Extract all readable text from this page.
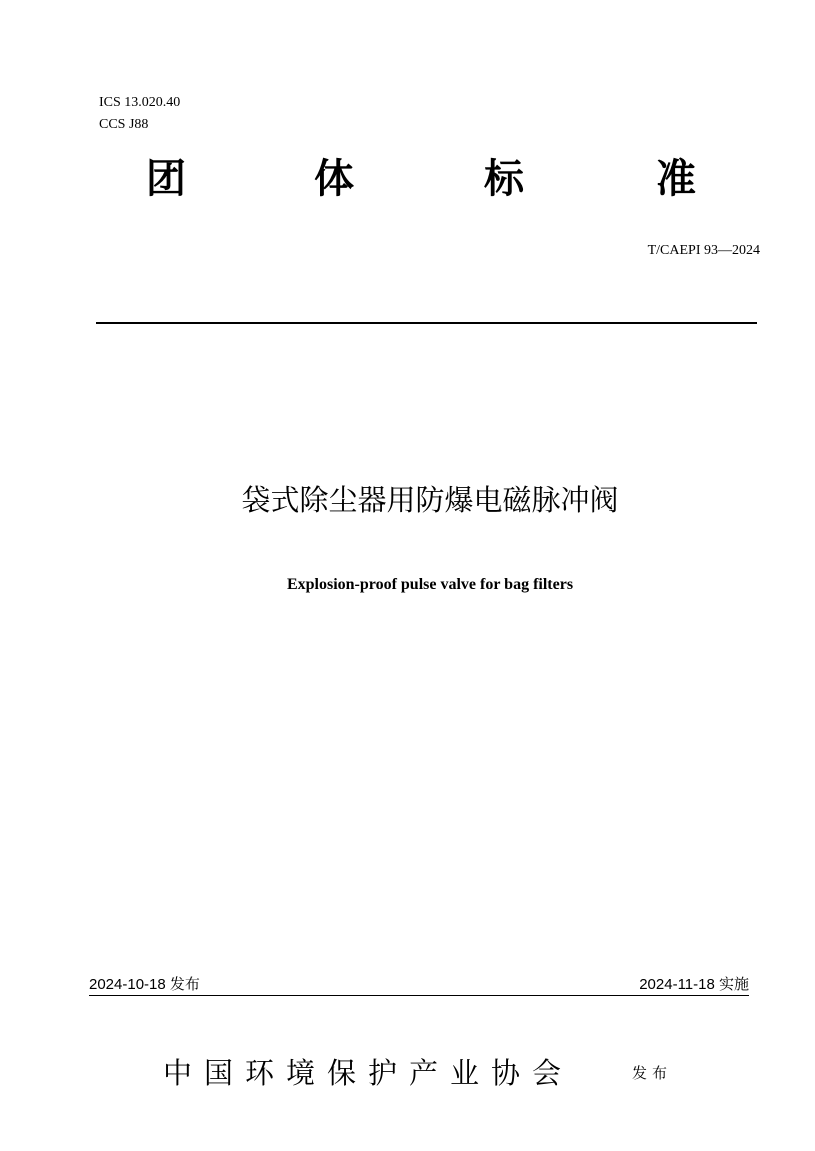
ICS 13.020.40
CCS J88
团	体	标	准
T/CAEPI 93—2024
袋式除尘器用防爆电磁脉冲阀
Explosion-proof pulse valve for bag filters
2024-10-18 发布	2024-11-18 实施
中国环境保护产业协会	发布
